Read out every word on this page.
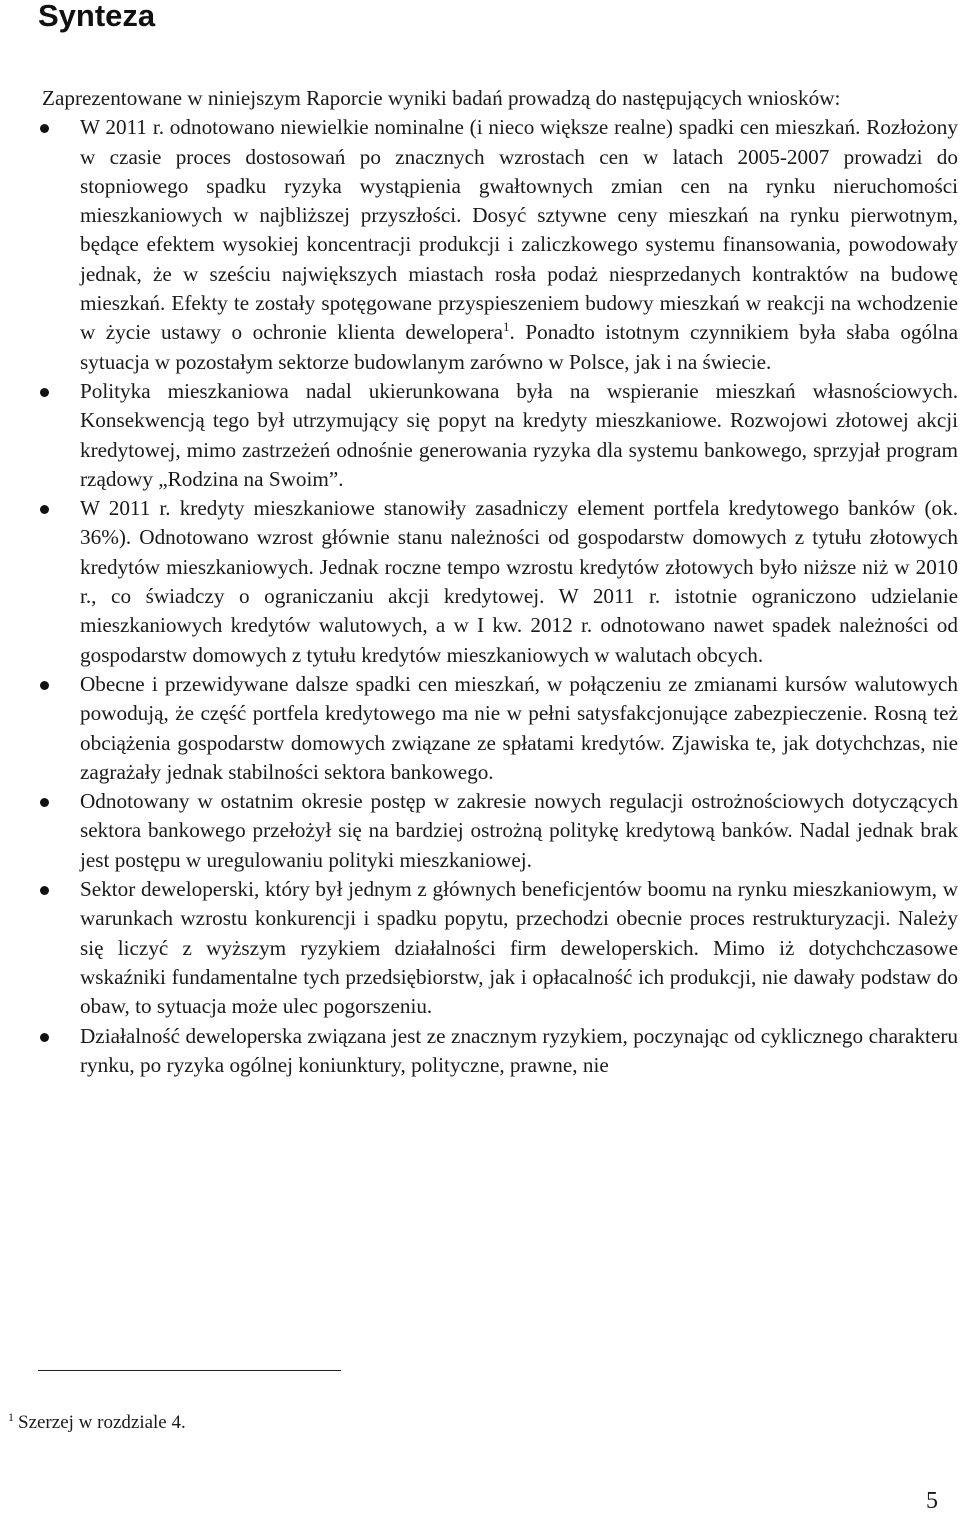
Synteza

Zaprezentowane w niniejszym Raporcie wyniki badań prowadzą do następujących wniosków:

W 2011 r. odnotowano niewielkie nominalne (i nieco większe realne) spadki cen mieszkań. Rozłożony w czasie proces dostosowań po znacznych wzrostach cen w latach 2005-2007 prowadzi do stopniowego spadku ryzyka wystąpienia gwałtownych zmian cen na rynku nieruchomości mieszkaniowych w najbliższej przyszłości. Dosyć sztywne ceny mieszkań na rynku pierwotnym, będące efektem wysokiej koncentracji produkcji i zaliczkowego systemu finansowania, powodowały jednak, że w sześciu największych miastach rosła podaż niesprzedanych kontraktów na budowę mieszkań. Efekty te zostały spotęgowane przyspieszeniem budowy mieszkań w reakcji na wchodzenie w życie ustawy o ochronie klienta dewelopera$^1$. Ponadto istotnym czynnikiem była słaba ogólna sytuacja w pozostałym sektorze budowlanym zarówno w Polsce, jak i na świecie.
Polityka mieszkaniowa nadal ukierunkowana była na wspieranie mieszkań własnościowych. Konsekwencją tego był utrzymujący się popyt na kredyty mieszkaniowe. Rozwojowi złotowej akcji kredytowej, mimo zastrzeżeń odnośnie generowania ryzyka dla systemu bankowego, sprzyjał program rządowy „Rodzina na Swoim”.
W 2011 r. kredyty mieszkaniowe stanowiły zasadniczy element portfela kredytowego banków (ok. 36%). Odnotowano wzrost głównie stanu należności od gospodarstw domowych z tytułu złotowych kredytów mieszkaniowych. Jednak roczne tempo wzrostu kredytów złotowych było niższe niż w 2010 r., co świadczy o ograniczaniu akcji kredytowej. W 2011 r. istotnie ograniczono udzielanie mieszkaniowych kredytów walutowych, a w I kw. 2012 r. odnotowano nawet spadek należności od gospodarstw domowych z tytułu kredytów mieszkaniowych w walutach obcych.
Obecne i przewidywane dalsze spadki cen mieszkań, w połączeniu ze zmianami kursów walutowych powodują, że część portfela kredytowego ma nie w pełni satysfakcjonujące zabezpieczenie. Rosną też obciążenia gospodarstw domowych związane ze spłatami kredytów. Zjawiska te, jak dotychchzas, nie zagrażały jednak stabilności sektora bankowego.
Odnotowany w ostatnim okresie postęp w zakresie nowych regulacji ostrożnościowych dotyczących sektora bankowego przełożył się na bardziej ostrożną politykę kredytową banków. Nadal jednak brak jest postępu w uregulowaniu polityki mieszkaniowej.
Sektor deweloperski, który był jednym z głównych beneficjentów boomu na rynku mieszkaniowym, w warunkach wzrostu konkurencji i spadku popytu, przechodzi obecnie proces restrukturyzacji. Należy się liczyć z wyższym ryzykiem działalności firm deweloperskich. Mimo iż dotychchczasowe wskaźniki fundamentalne tych przedsiębiorstw, jak i opłacalność ich produkcji, nie dawały podstaw do obaw, to sytuacja może ulec pogorszeniu.
Działalność deweloperska związana jest ze znacznym ryzykiem, poczynając od cyklicznego charakteru rynku, po ryzyka ogólnej koniunktury, polityczne, prawne, nie
$^1$ Szerzej w rozdziale 4.
5
